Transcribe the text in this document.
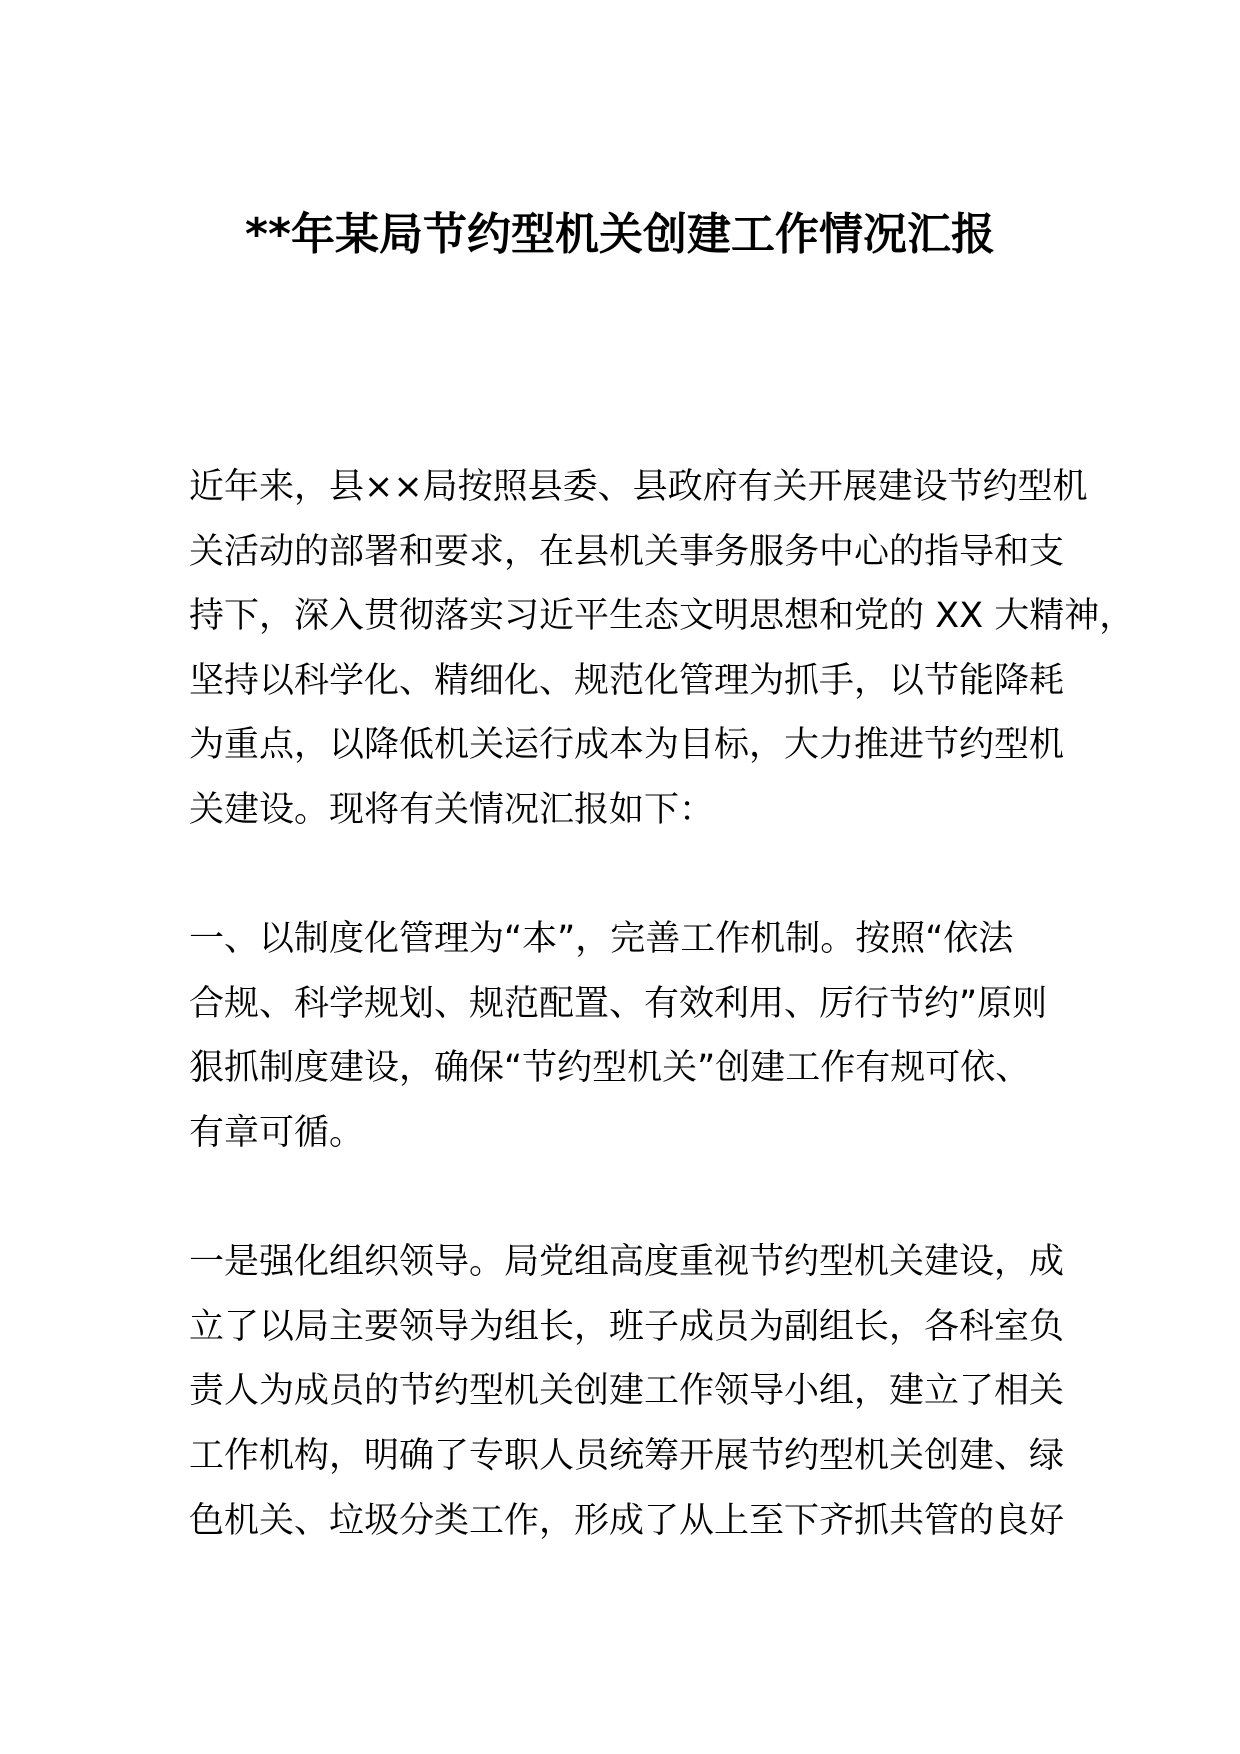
**年某局节约型机关创建工作情况汇报

近年来，县××局按照县委、县政府有关开展建设节约型机
关活动的部署和要求，在县机关事务服务中心的指导和支
持下，深入贯彻落实习近平生态文明思想和党的 XX 大精神，
坚持以科学化、精细化、规范化管理为抓手，以节能降耗
为重点，以降低机关运行成本为目标，大力推进节约型机
关建设。现将有关情况汇报如下：

一、以制度化管理为“本”，完善工作机制。按照“依法
合规、科学规划、规范配置、有效利用、厉行节约”原则
狠抓制度建设，确保“节约型机关”创建工作有规可依、
有章可循。

一是强化组织领导。局党组高度重视节约型机关建设，成
立了以局主要领导为组长，班子成员为副组长，各科室负
责人为成员的节约型机关创建工作领导小组，建立了相关
工作机构，明确了专职人员统筹开展节约型机关创建、绿
色机关、垃圾分类工作，形成了从上至下齐抓共管的良好
